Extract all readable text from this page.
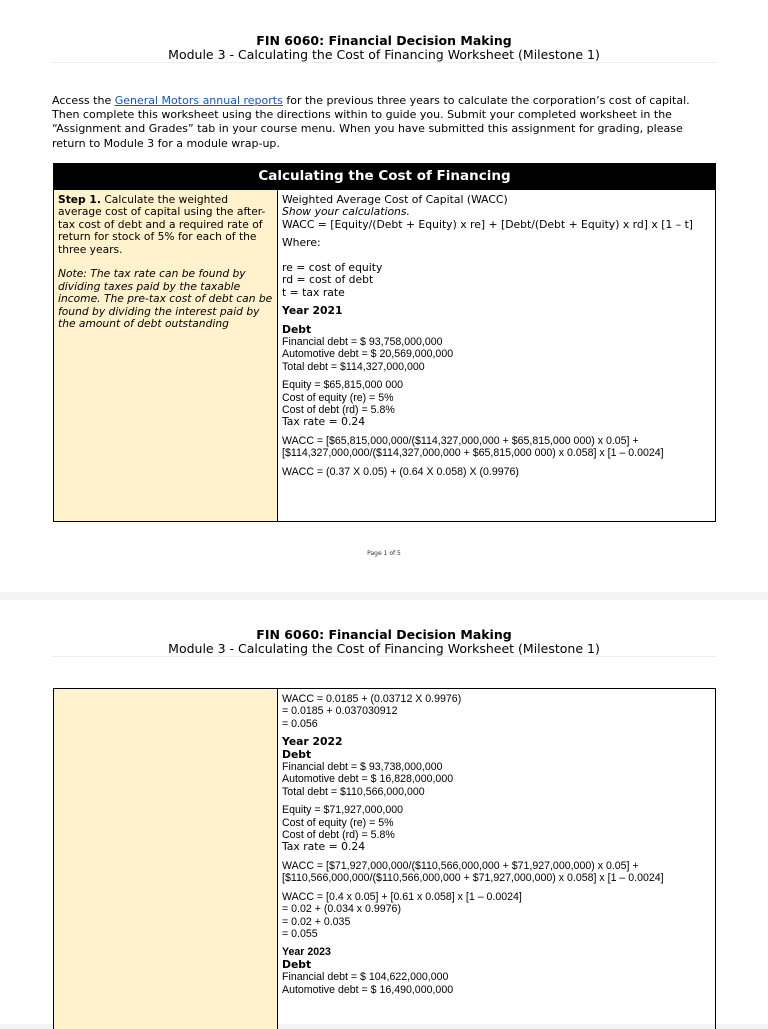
FIN 6060: Financial Decision Making
Module 3 - Calculating the Cost of Financing Worksheet (Milestone 1)
Access the General Motors annual reports for the previous three years to calculate the corporation’s cost of capital. Then complete this worksheet using the directions within to guide you. Submit your completed worksheet in the “Assignment and Grades” tab in your course menu. When you have submitted this assignment for grading, please return to Module 3 for a module wrap-up.
Calculating the Cost of Financing
Step 1. Calculate the weighted average cost of capital using the after-tax cost of debt and a required rate of return for stock of 5% for each of the three years.
Note: The tax rate can be found by dividing taxes paid by the taxable income. The pre-tax cost of debt can be found by dividing the interest paid by the amount of debt outstanding
Weighted Average Cost of Capital (WACC)
Show your calculations.
WACC = [Equity/(Debt + Equity) x re] + [Debt/(Debt + Equity) x rd] x [1 – t]
Where:
re = cost of equity
rd = cost of debt
t = tax rate
Year 2021
Debt
Financial debt = $ 93,758,000,000
Automotive debt = $ 20,569,000,000
Total debt = $114,327,000,000
Equity = $65,815,000 000
Cost of equity (re) = 5%
Cost of debt (rd) = 5.8%
Tax rate = 0.24
WACC = [$65,815,000,000/($114,327,000,000 + $65,815,000 000) x 0.05] +
[$114,327,000,000/($114,327,000,000 + $65,815,000 000) x 0.058] x [1 – 0.0024]
WACC = (0.37 X 0.05) + (0.64 X 0.058) X (0.9976)
Page 1 of 5
FIN 6060: Financial Decision Making
Module 3 - Calculating the Cost of Financing Worksheet (Milestone 1)
WACC = 0.0185 + (0.03712 X 0.9976)
= 0.0185 + 0.037030912
= 0.056
Year 2022
Debt
Financial debt = $ 93,738,000,000
Automotive debt = $ 16,828,000,000
Total debt = $110,566,000,000
Equity = $71,927,000,000
Cost of equity (re) = 5%
Cost of debt (rd) = 5.8%
Tax rate = 0.24
WACC = [$71,927,000,000/($110,566,000,000 + $71,927,000,000) x 0.05] +
[$110,566,000,000/($110,566,000,000 + $71,927,000,000) x 0.058] x [1 – 0.0024]
WACC = [0.4 x 0.05] + [0.61 x 0.058] x [1 – 0.0024]
= 0.02 + (0.034 x 0.9976)
= 0.02 + 0.035
= 0.055
Year 2023
Debt
Financial debt = $ 104,622,000,000
Automotive debt = $ 16,490,000,000
